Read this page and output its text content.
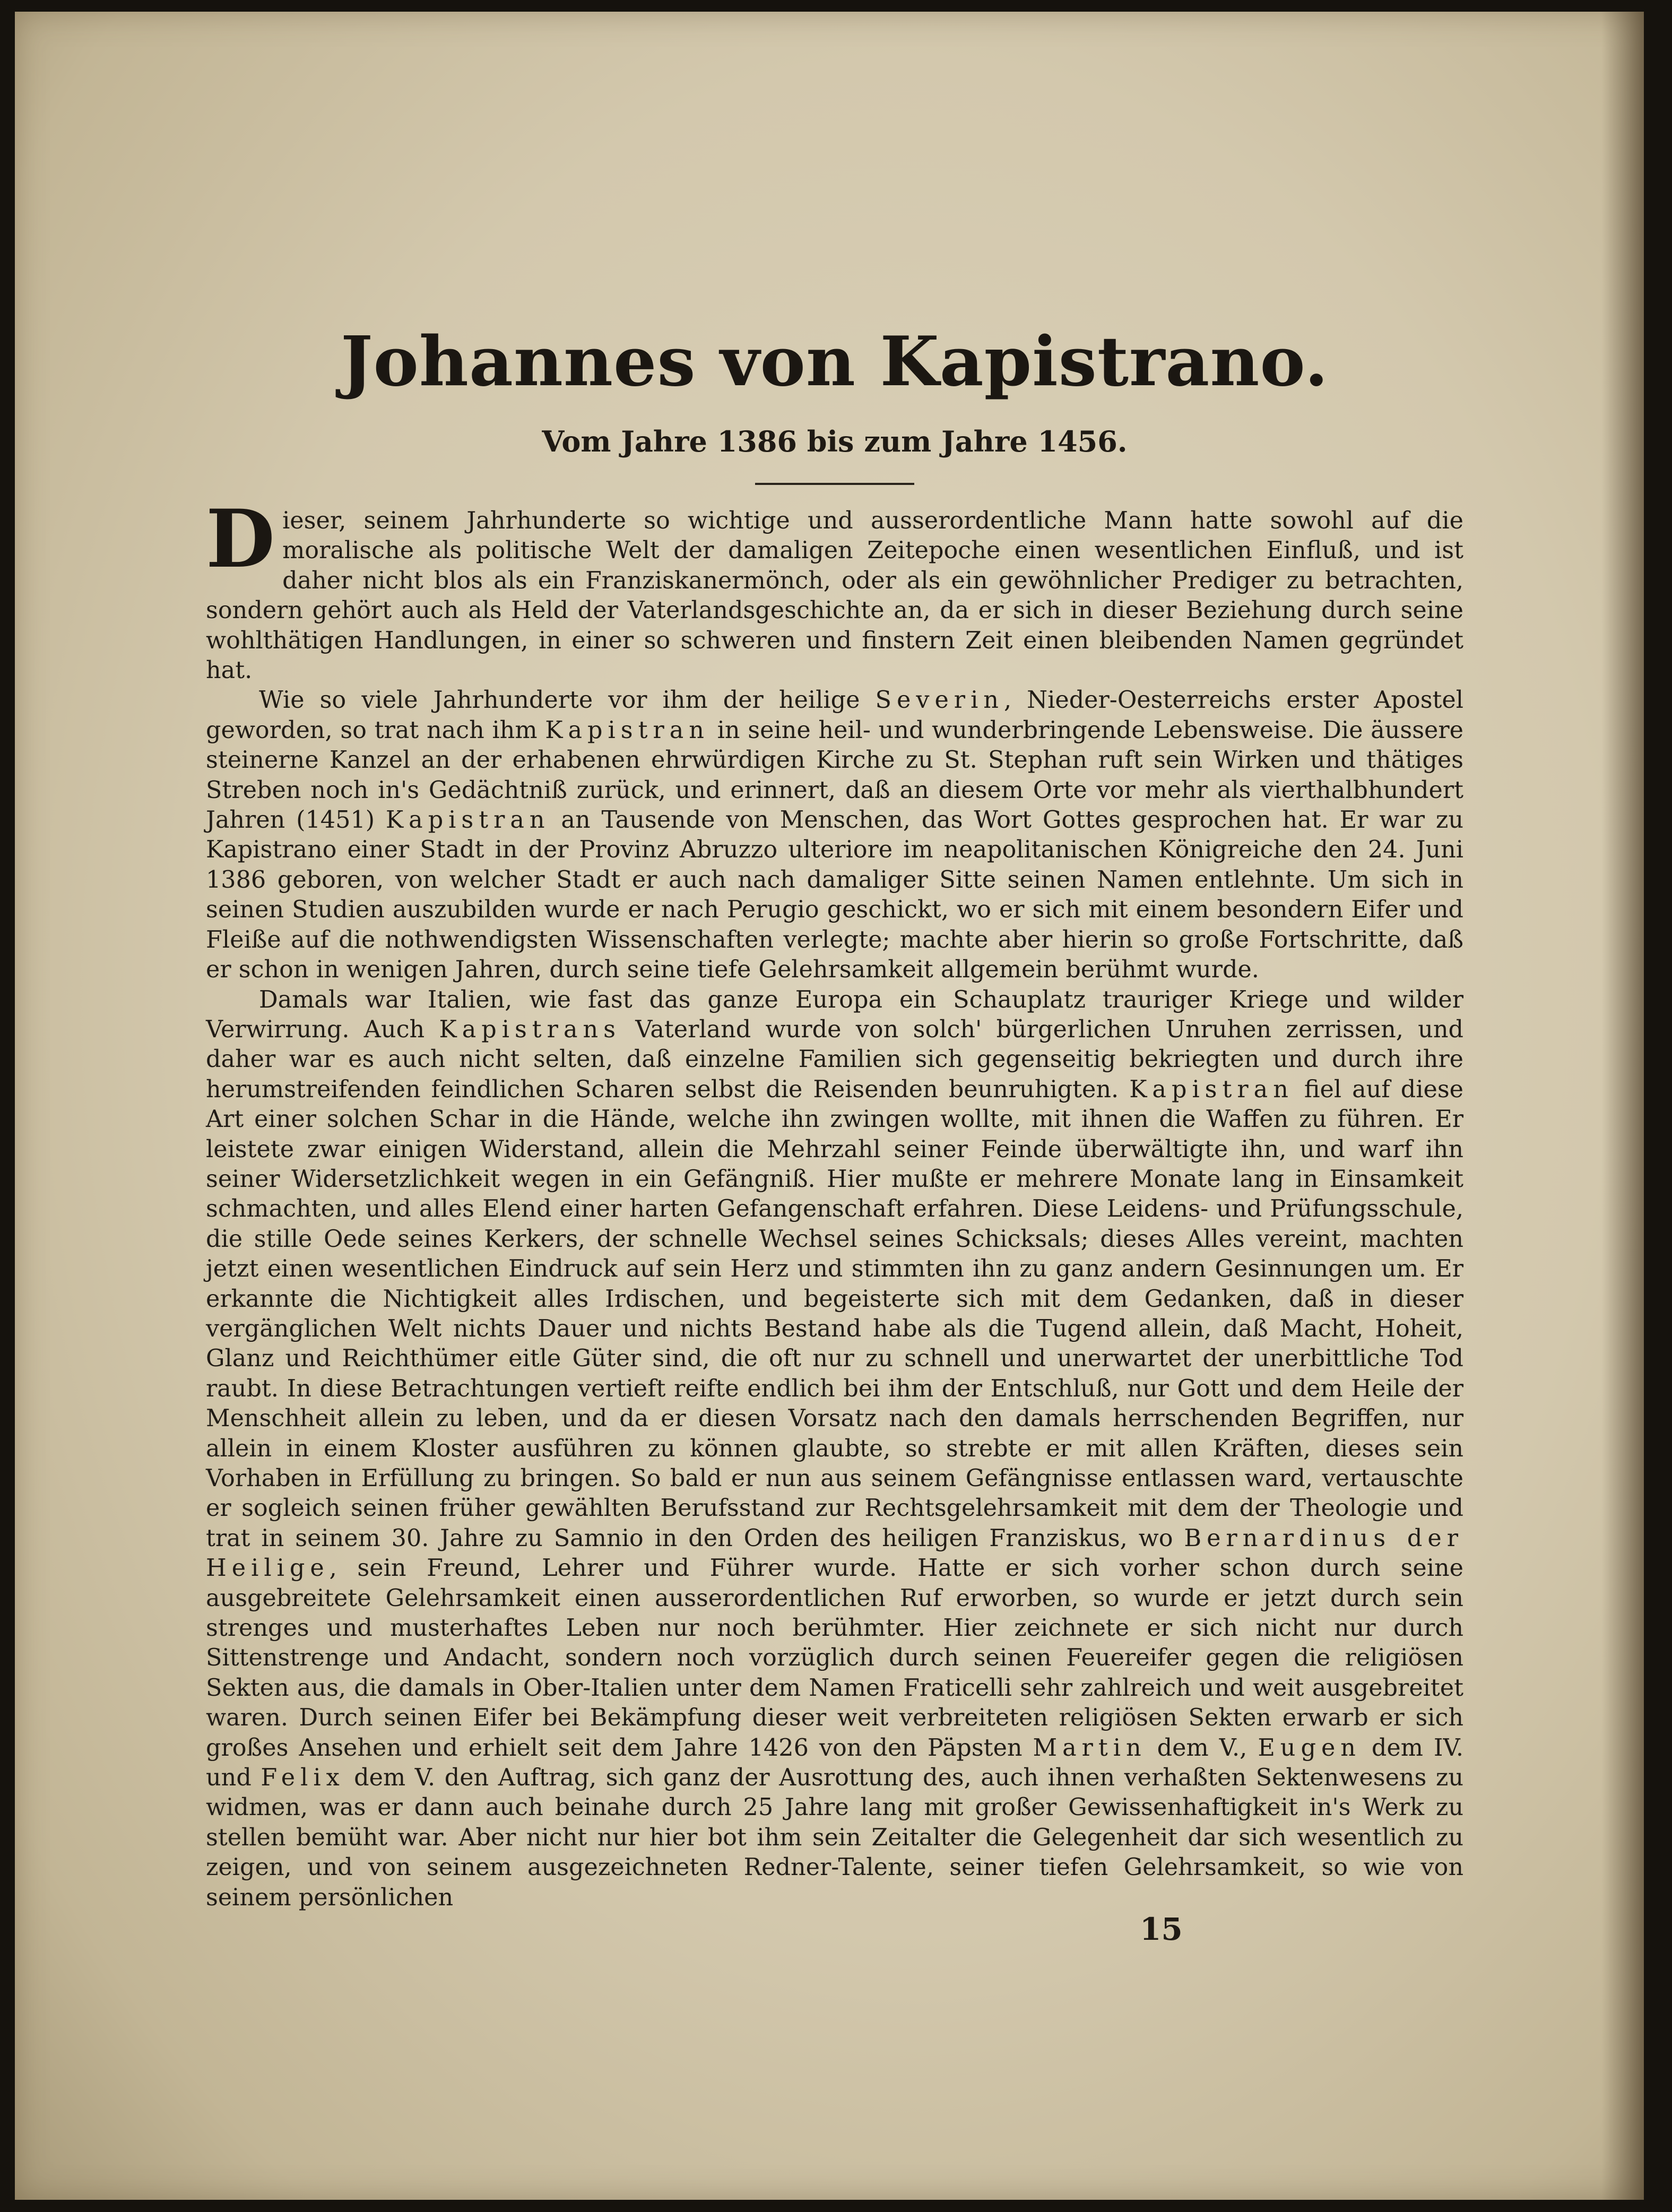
Johannes von Kapistrano.
Vom Jahre 1386 bis zum Jahre 1456.

Dieser, seinem Jahrhunderte so wichtige und ausserordentliche Mann hatte sowohl auf die moralische als politische Welt der damaligen Zeitepoche einen wesentlichen Einfluß, und ist daher nicht blos als ein Franziskanermönch, oder als ein gewöhnlicher Prediger zu betrachten, sondern gehört auch als Held der Vaterlandsgeschichte an, da er sich in dieser Beziehung durch seine wohlthätigen Handlungen, in einer so schweren und finstern Zeit einen bleibenden Namen gegründet hat.

Wie so viele Jahrhunderte vor ihm der heilige Severin, Nieder-Oesterreichs erster Apostel geworden, so trat nach ihm Kapistran in seine heil- und wunderbringende Lebensweise. Die äussere steinerne Kanzel an der erhabenen ehrwürdigen Kirche zu St. Stephan ruft sein Wirken und thätiges Streben noch in's Gedächtniß zurück, und erinnert, daß an diesem Orte vor mehr als vierthalbhundert Jahren (1451) Kapistran an Tausende von Menschen, das Wort Gottes gesprochen hat. Er war zu Kapistrano einer Stadt in der Provinz Abruzzo ulteriore im neapolitanischen Königreiche den 24. Juni 1386 geboren, von welcher Stadt er auch nach damaliger Sitte seinen Namen entlehnte. Um sich in seinen Studien auszubilden wurde er nach Perugio geschickt, wo er sich mit einem besondern Eifer und Fleiße auf die nothwendigsten Wissenschaften verlegte; machte aber hierin so große Fortschritte, daß er schon in wenigen Jahren, durch seine tiefe Gelehrsamkeit allgemein berühmt wurde.

Damals war Italien, wie fast das ganze Europa ein Schauplatz trauriger Kriege und wilder Verwirrung. Auch Kapistrans Vaterland wurde von solch' bürgerlichen Unruhen zerrissen, und daher war es auch nicht selten, daß einzelne Familien sich gegenseitig bekriegten und durch ihre herumstreifenden feindlichen Scharen selbst die Reisenden beunruhigten. Kapistran fiel auf diese Art einer solchen Schar in die Hände, welche ihn zwingen wollte, mit ihnen die Waffen zu führen. Er leistete zwar einigen Widerstand, allein die Mehrzahl seiner Feinde überwältigte ihn, und warf ihn seiner Widersetzlichkeit wegen in ein Gefängniß. Hier mußte er mehrere Monate lang in Einsamkeit schmachten, und alles Elend einer harten Gefangenschaft erfahren. Diese Leidens- und Prüfungsschule, die stille Oede seines Kerkers, der schnelle Wechsel seines Schicksals; dieses Alles vereint, machten jetzt einen wesentlichen Eindruck auf sein Herz und stimmten ihn zu ganz andern Gesinnungen um. Er erkannte die Nichtigkeit alles Irdischen, und begeisterte sich mit dem Gedanken, daß in dieser vergänglichen Welt nichts Dauer und nichts Bestand habe als die Tugend allein, daß Macht, Hoheit, Glanz und Reichthümer eitle Güter sind, die oft nur zu schnell und unerwartet der unerbittliche Tod raubt. In diese Betrachtungen vertieft reifte endlich bei ihm der Entschluß, nur Gott und dem Heile der Menschheit allein zu leben, und da er diesen Vorsatz nach den damals herrschenden Begriffen, nur allein in einem Kloster ausführen zu können glaubte, so strebte er mit allen Kräften, dieses sein Vorhaben in Erfüllung zu bringen. So bald er nun aus seinem Gefängnisse entlassen ward, vertauschte er sogleich seinen früher gewählten Berufsstand zur Rechtsgelehrsamkeit mit dem der Theologie und trat in seinem 30. Jahre zu Samnio in den Orden des heiligen Franziskus, wo Bernardinus der Heilige, sein Freund, Lehrer und Führer wurde. Hatte er sich vorher schon durch seine ausgebreitete Gelehrsamkeit einen ausserordentlichen Ruf erworben, so wurde er jetzt durch sein strenges und musterhaftes Leben nur noch berühmter. Hier zeichnete er sich nicht nur durch Sittenstrenge und Andacht, sondern noch vorzüglich durch seinen Feuereifer gegen die religiösen Sekten aus, die damals in Ober-Italien unter dem Namen Fraticelli sehr zahlreich und weit ausgebreitet waren. Durch seinen Eifer bei Bekämpfung dieser weit verbreiteten religiösen Sekten erwarb er sich großes Ansehen und erhielt seit dem Jahre 1426 von den Päpsten Martin dem V., Eugen dem IV. und Felix dem V. den Auftrag, sich ganz der Ausrottung des, auch ihnen verhaßten Sektenwesens zu widmen, was er dann auch beinahe durch 25 Jahre lang mit großer Gewissenhaftigkeit in's Werk zu stellen bemüht war. Aber nicht nur hier bot ihm sein Zeitalter die Gelegenheit dar sich wesentlich zu zeigen, und von seinem ausgezeichneten Redner-Talente, seiner tiefen Gelehrsamkeit, so wie von seinem persönlichen

15
